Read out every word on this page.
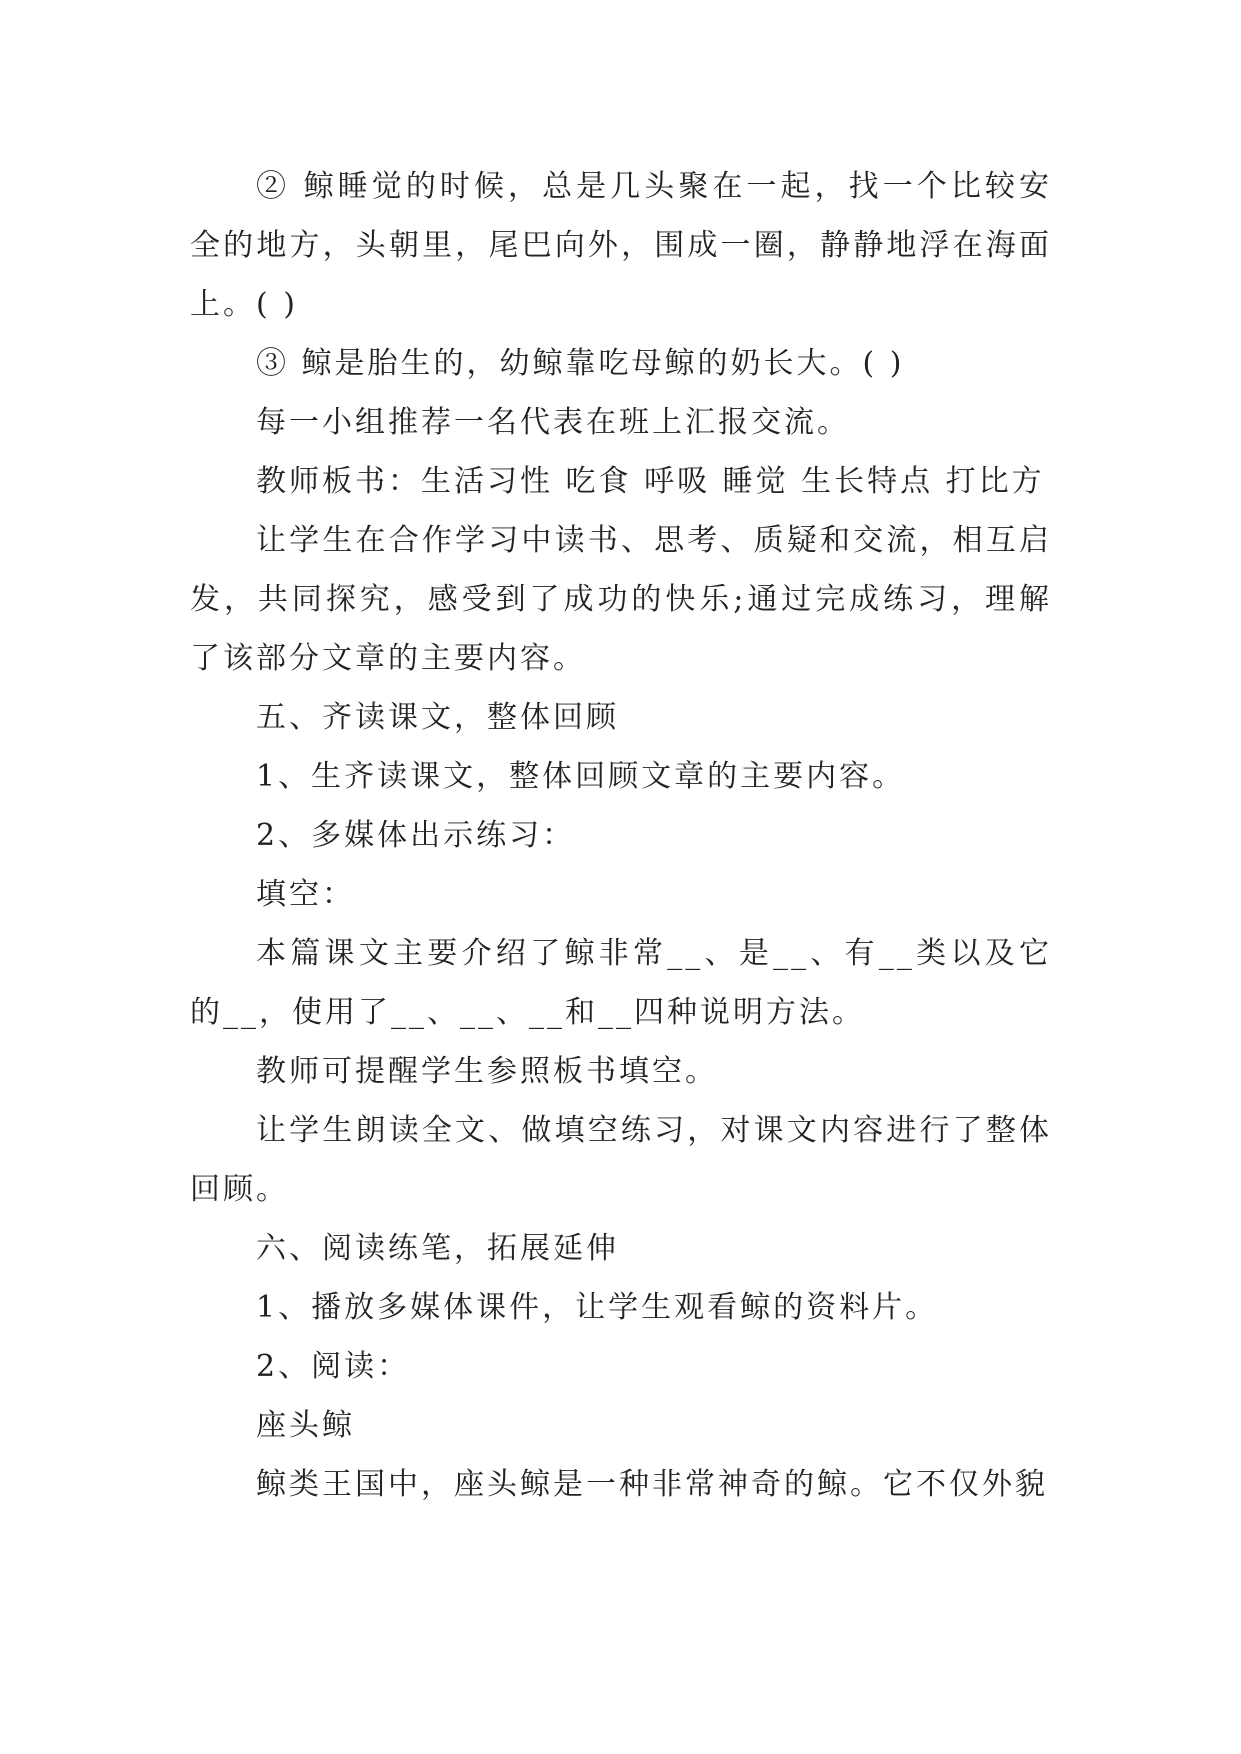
② 鲸睡觉的时候，总是几头聚在一起，找一个比较安全的地方，头朝里，尾巴向外，围成一圈，静静地浮在海面上。( )

③ 鲸是胎生的，幼鲸靠吃母鲸的奶长大。( )

每一小组推荐一名代表在班上汇报交流。

教师板书：生活习性 吃食 呼吸 睡觉 生长特点 打比方

让学生在合作学习中读书、思考、质疑和交流，相互启发，共同探究，感受到了成功的快乐;通过完成练习，理解了该部分文章的主要内容。

五、齐读课文，整体回顾

1、生齐读课文，整体回顾文章的主要内容。

2、多媒体出示练习：

填空：

本篇课文主要介绍了鲸非常__、是__、有__类以及它的__，使用了__、__、__和__四种说明方法。

教师可提醒学生参照板书填空。

让学生朗读全文、做填空练习，对课文内容进行了整体回顾。

六、阅读练笔，拓展延伸

1、播放多媒体课件，让学生观看鲸的资料片。

2、阅读：

座头鲸

鲸类王国中，座头鲸是一种非常神奇的鲸。它不仅外貌
